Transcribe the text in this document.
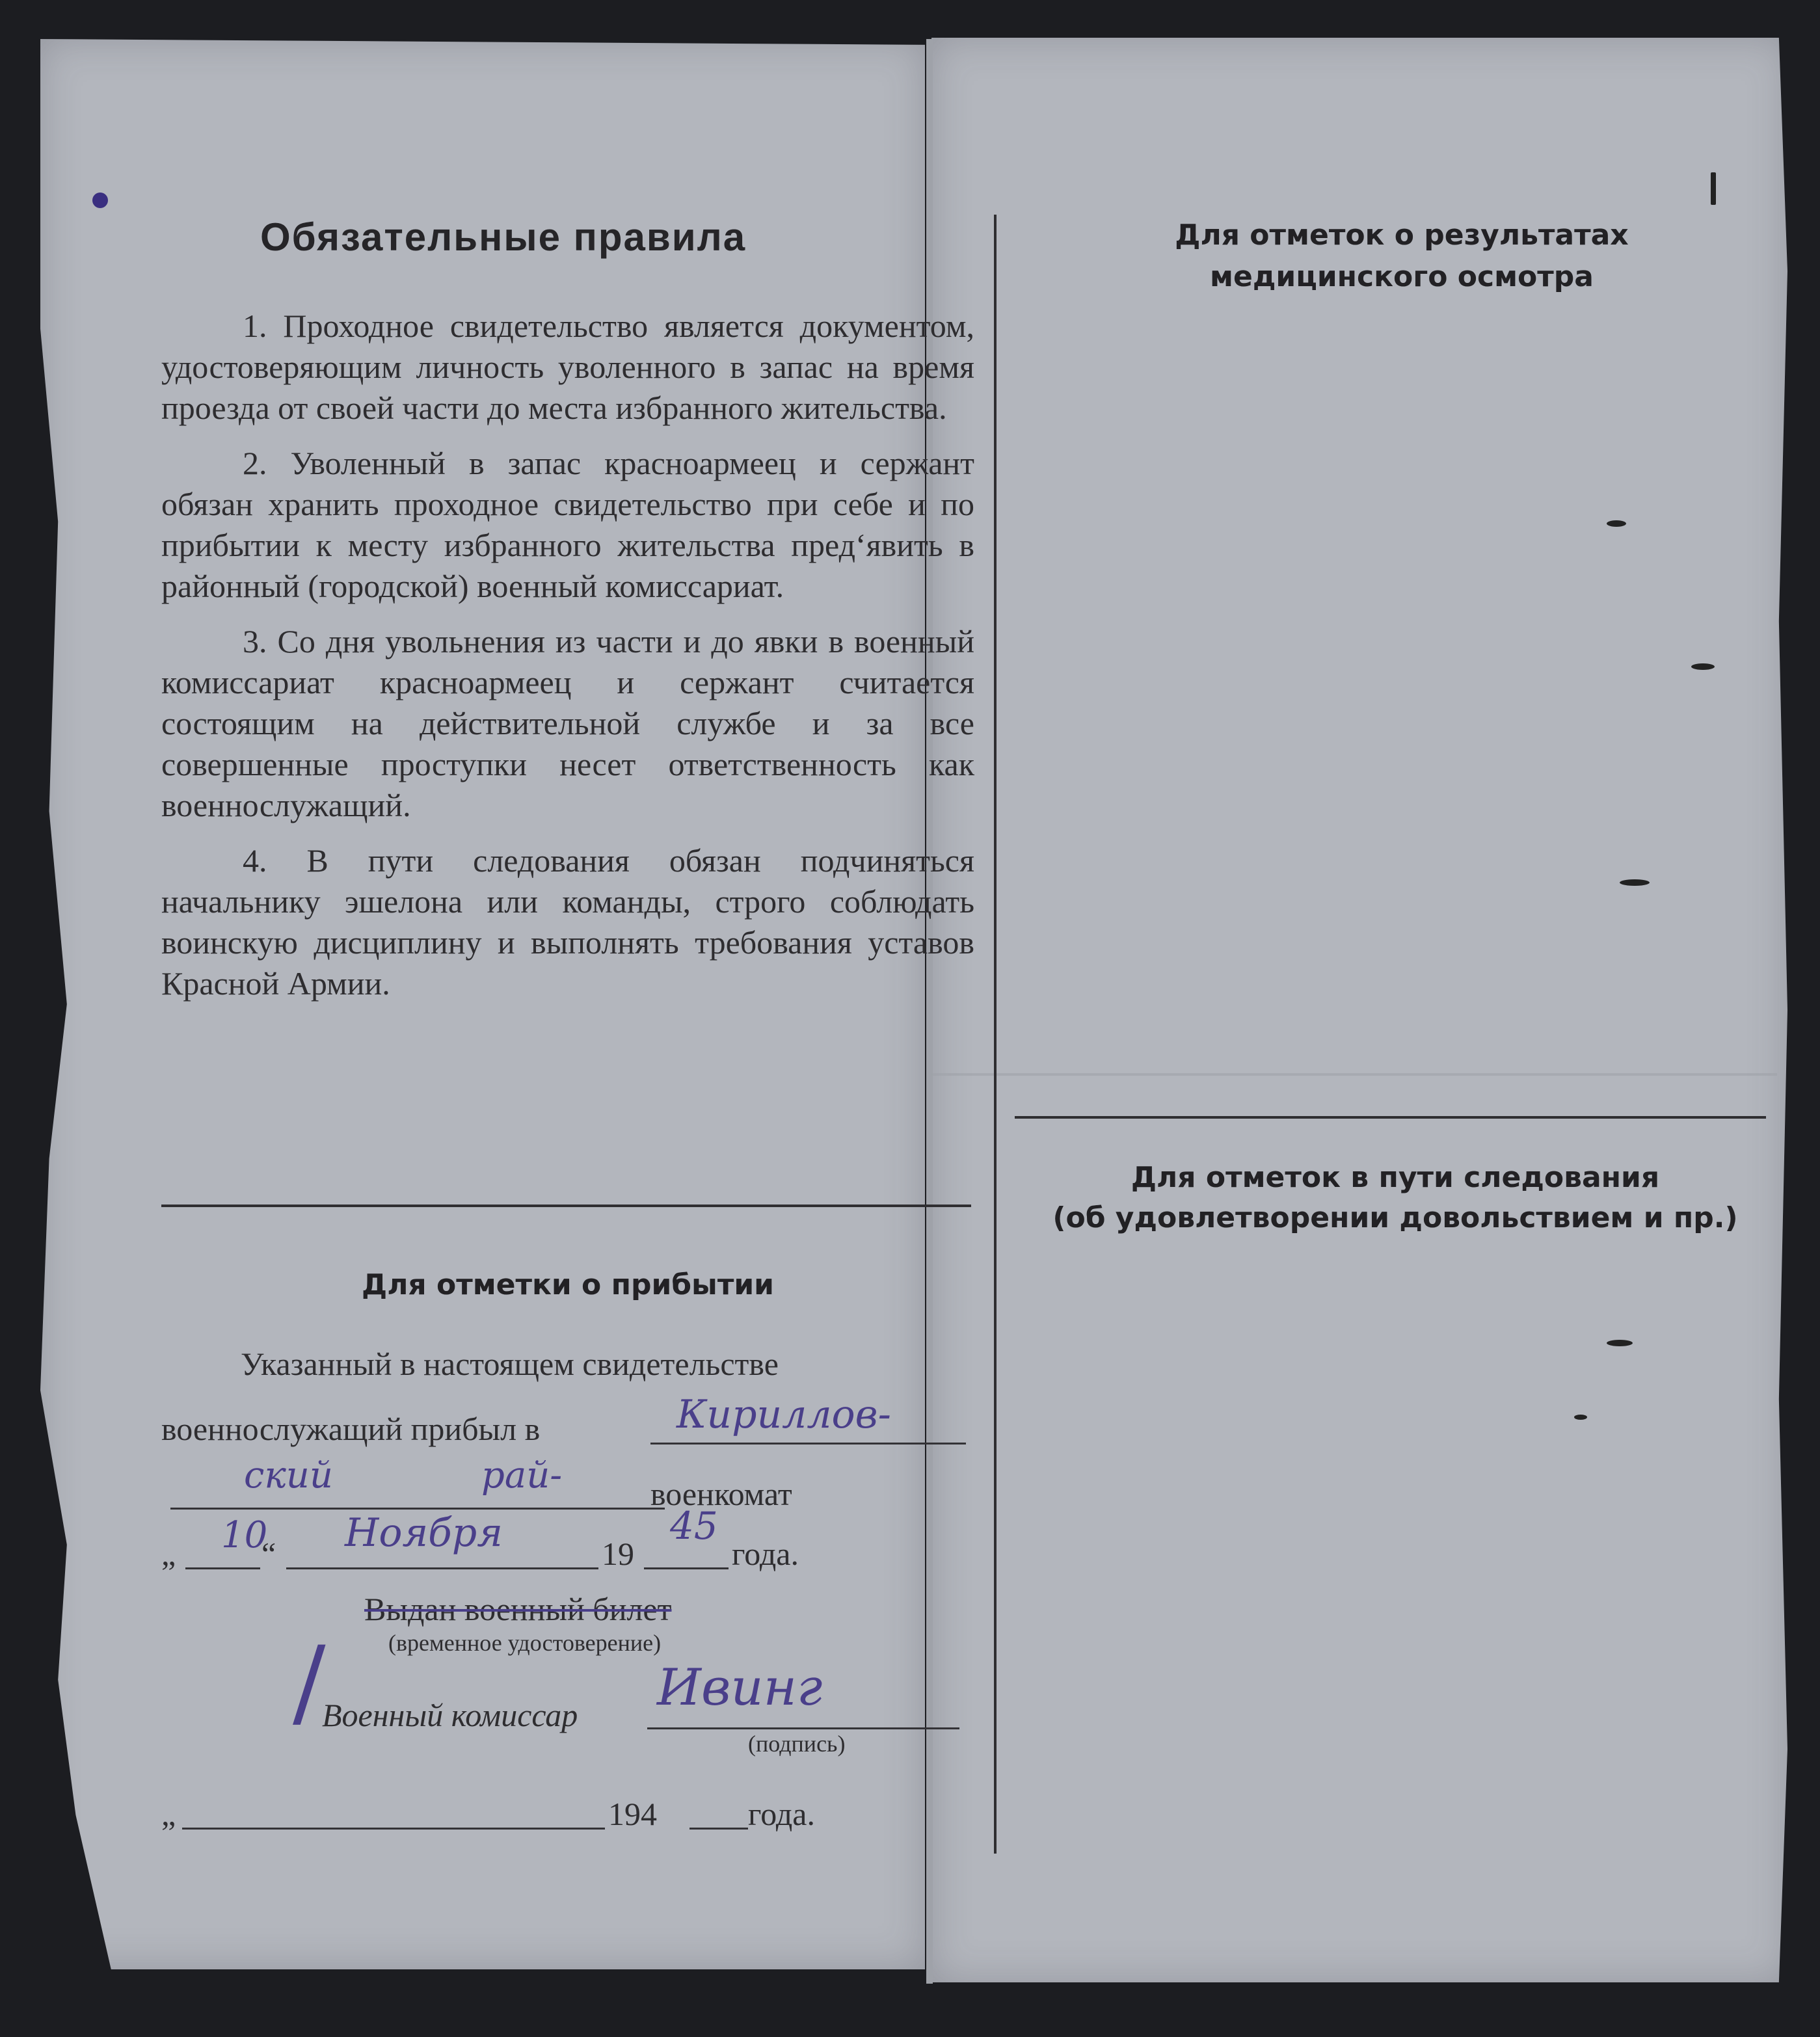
Обязательные правила

1. Проходное свидетельство является документом, удостоверяющим личность уволенного в запас на время проезда от своей части до места избранного жительства.

2. Уволенный в запас красноармеец и сержант обязан хранить проходное свидетельство при себе и по прибытии к месту избранного жительства пред‘явить в районный (городской) военный комиссариат.

3. Со дня увольнения из части и до явки в военный комиссариат красноармеец и сержант считается состоящим на действительной службе и за все совершенные проступки несет ответственность как военнослужащий.

4. В пути следования обязан подчиняться начальнику эшелона или команды, строго соблюдать воинскую дисциплину и выполнять требования уставов Красной Армии.

Для отметки о прибытии
Указанный в настоящем свидетельстве
военнослужащий прибыл в	Кириллов-
ский	рай-	военкомат
„ 10
“ Ноября	19
45
года.
Выдан военный билет
(временное удостоверение)
/
Военный комиссар Ивинг
(подпись)
„	194	года.
Для отметок о результатах
медицинского осмотра
Для отметок в пути следования
(об удовлетворении довольствием и пр.)
